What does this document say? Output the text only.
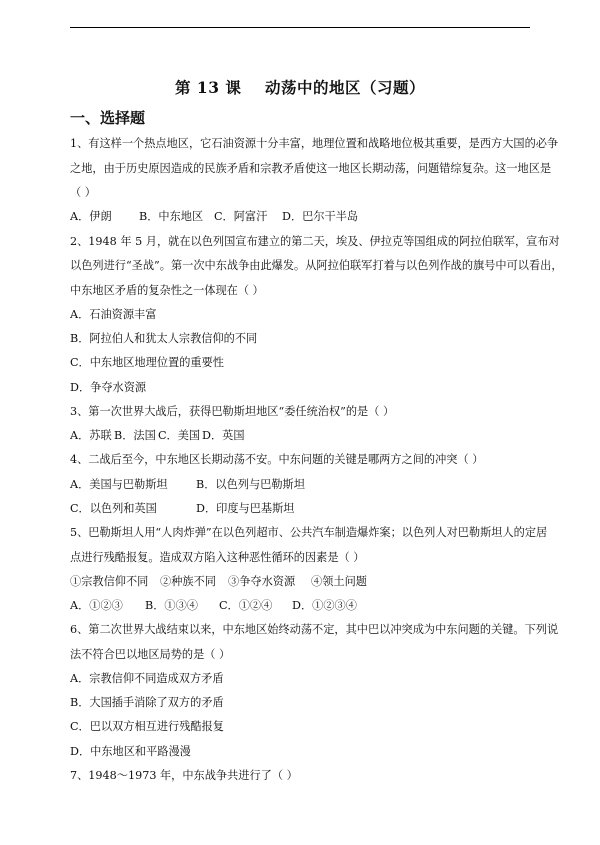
第 13 课    动荡中的地区（习题）
一、选择题
1、有这样一个热点地区，它石油资源十分丰富，地理位置和战略地位极其重要，是西方大国的必争
之地，由于历史原因造成的民族矛盾和宗教矛盾使这一地区长期动荡，问题错综复杂。这一地区是
（ ）
A．伊朗 B．中东地区 C．阿富汗 D．巴尔干半岛
2、1948 年 5 月，就在以色列国宣布建立的第二天，埃及、伊拉克等国组成的阿拉伯联军，宣布对
以色列进行“圣战”。第一次中东战争由此爆发。从阿拉伯联军打着与以色列作战的旗号中可以看出，
中东地区矛盾的复杂性之一体现在（ ）
A．石油资源丰富
B．阿拉伯人和犹太人宗教信仰的不同
C．中东地区地理位置的重要性
D．争夺水资源
3、第一次世界大战后，获得巴勒斯坦地区“委任统治权”的是（ ）
A．苏联 B．法国 C．美国 D．英国
4、二战后至今，中东地区长期动荡不安。中东问题的关键是哪两方之间的冲突（ ）
A．美国与巴勒斯坦	B．以色列与巴勒斯坦
C．以色列和英国	D．印度与巴基斯坦
5、巴勒斯坦人用“人肉炸弹”在以色列超市、公共汽车制造爆炸案；以色列人对巴勒斯坦人的定居
点进行残酷报复。造成双方陷入这种恶性循环的因素是（ ）
①宗教信仰不同 ②种族不同 ③争夺水资源 ④领土问题
A．①②③ B．①③④ C．①②④ D．①②③④
6、第二次世界大战结束以来，中东地区始终动荡不定，其中巴以冲突成为中东问题的关键。下列说
法不符合巴以地区局势的是（ ）
A．宗教信仰不同造成双方矛盾
B．大国插手消除了双方的矛盾
C．巴以双方相互进行残酷报复
D．中东地区和平路漫漫
7、1948～1973 年，中东战争共进行了（ ）
